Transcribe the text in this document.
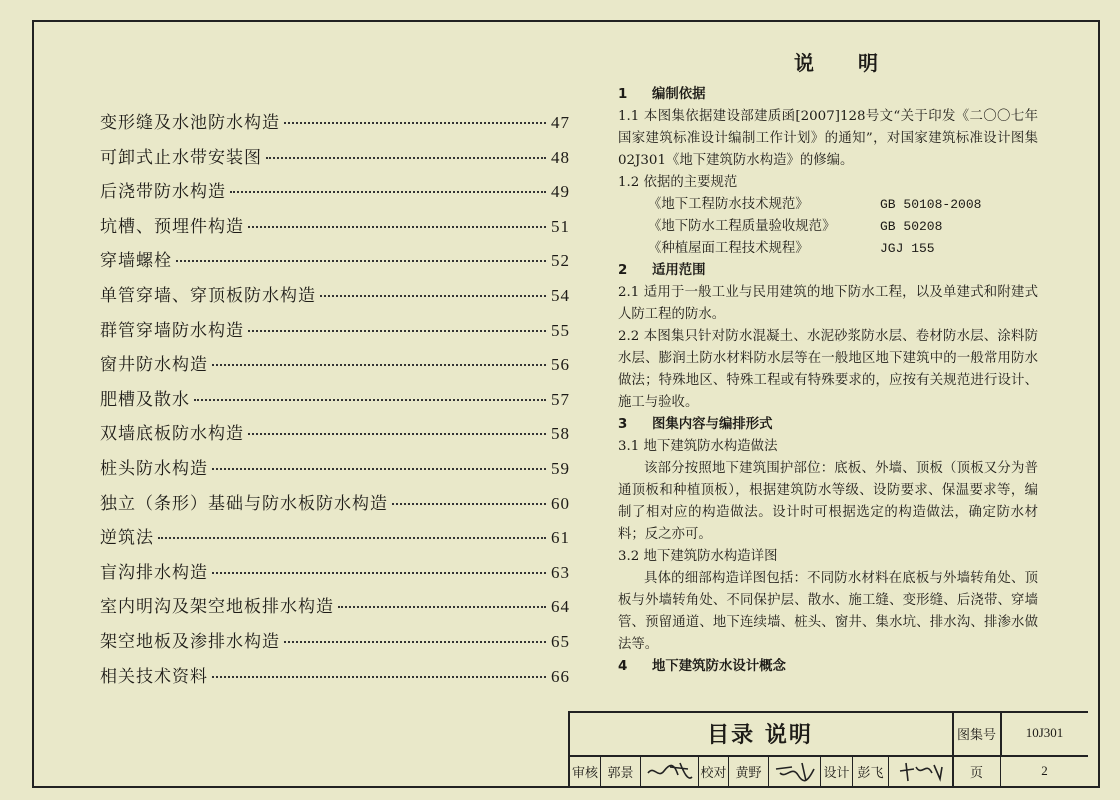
变形缝及水池防水构造	47
可卸式止水带安装图	48
后浇带防水构造	49
坑槽、预埋件构造	51
穿墙螺栓	52
单管穿墙、穿顶板防水构造	54
群管穿墙防水构造	55
窗井防水构造	56
肥槽及散水	57
双墙底板防水构造	58
桩头防水构造	59
独立（条形）基础与防水板防水构造	60
逆筑法	61
盲沟排水构造	63
室内明沟及架空地板排水构造	64
架空地板及渗排水构造	65
相关技术资料	66
说明
1 编制依据

1.1 本图集依据建设部建质函[2007]128号文“关于印发《二〇〇七年国家建筑标准设计编制工作计划》的通知”，对国家建筑标准设计图集02J301《地下建筑防水构造》的修编。

1.2 依据的主要规范

《地下工程防水技术规范》	GB 50108-2008
《地下防水工程质量验收规范》	GB 50208
《种植屋面工程技术规程》	JGJ 155
2 适用范围

2.1 适用于一般工业与民用建筑的地下防水工程，以及单建式和附建式人防工程的防水。

2.2 本图集只针对防水混凝土、水泥砂浆防水层、卷材防水层、涂料防水层、膨润土防水材料防水层等在一般地区地下建筑中的一般常用防水做法；特殊地区、特殊工程或有特殊要求的，应按有关规范进行设计、施工与验收。

3 图集内容与编排形式

3.1 地下建筑防水构造做法

该部分按照地下建筑围护部位：底板、外墙、顶板（顶板又分为普通顶板和种植顶板），根据建筑防水等级、设防要求、保温要求等，编制了相对应的构造做法。设计时可根据选定的构造做法，确定防水材料；反之亦可。

3.2 地下建筑防水构造详图

具体的细部构造详图包括：不同防水材料在底板与外墙转角处、顶板与外墙转角处、不同保护层、散水、施工缝、变形缝、后浇带、穿墙管、预留通道、地下连续墙、桩头、窗井、集水坑、排水沟、排渗水做法等。

4 地下建筑防水设计概念
目录 说明	图集号	10J301
审核 郭景	校对 黄野	设计 彭飞	页	2
